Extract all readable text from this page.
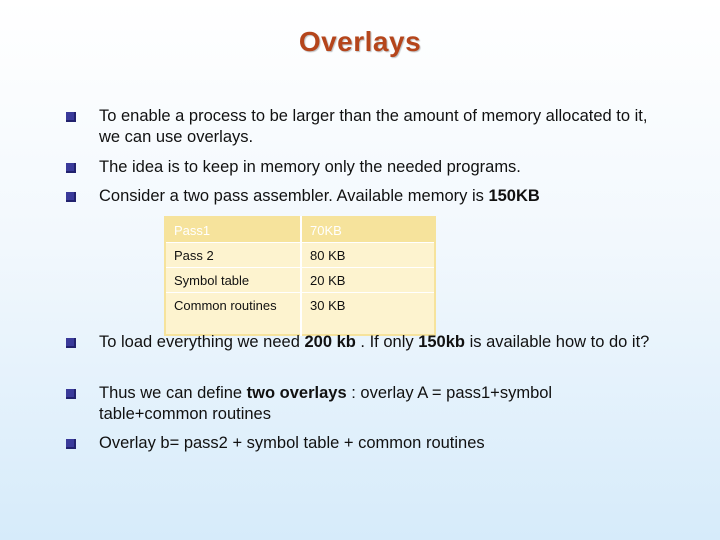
Overlays
To enable a process to be larger than the amount of memory allocated to it, we can use overlays.
The idea is to keep in memory only the needed programs.
Consider a two pass assembler. Available memory is 150KB
Pass1	70KB
Pass 2	80 KB
Symbol table	20 KB
Common routines	30 KB
To load everything we need 200 kb . If only 150kb is available how to do it?
Thus we can define two overlays : overlay A = pass1+symbol table+common routines
Overlay b= pass2 + symbol table + common routines
